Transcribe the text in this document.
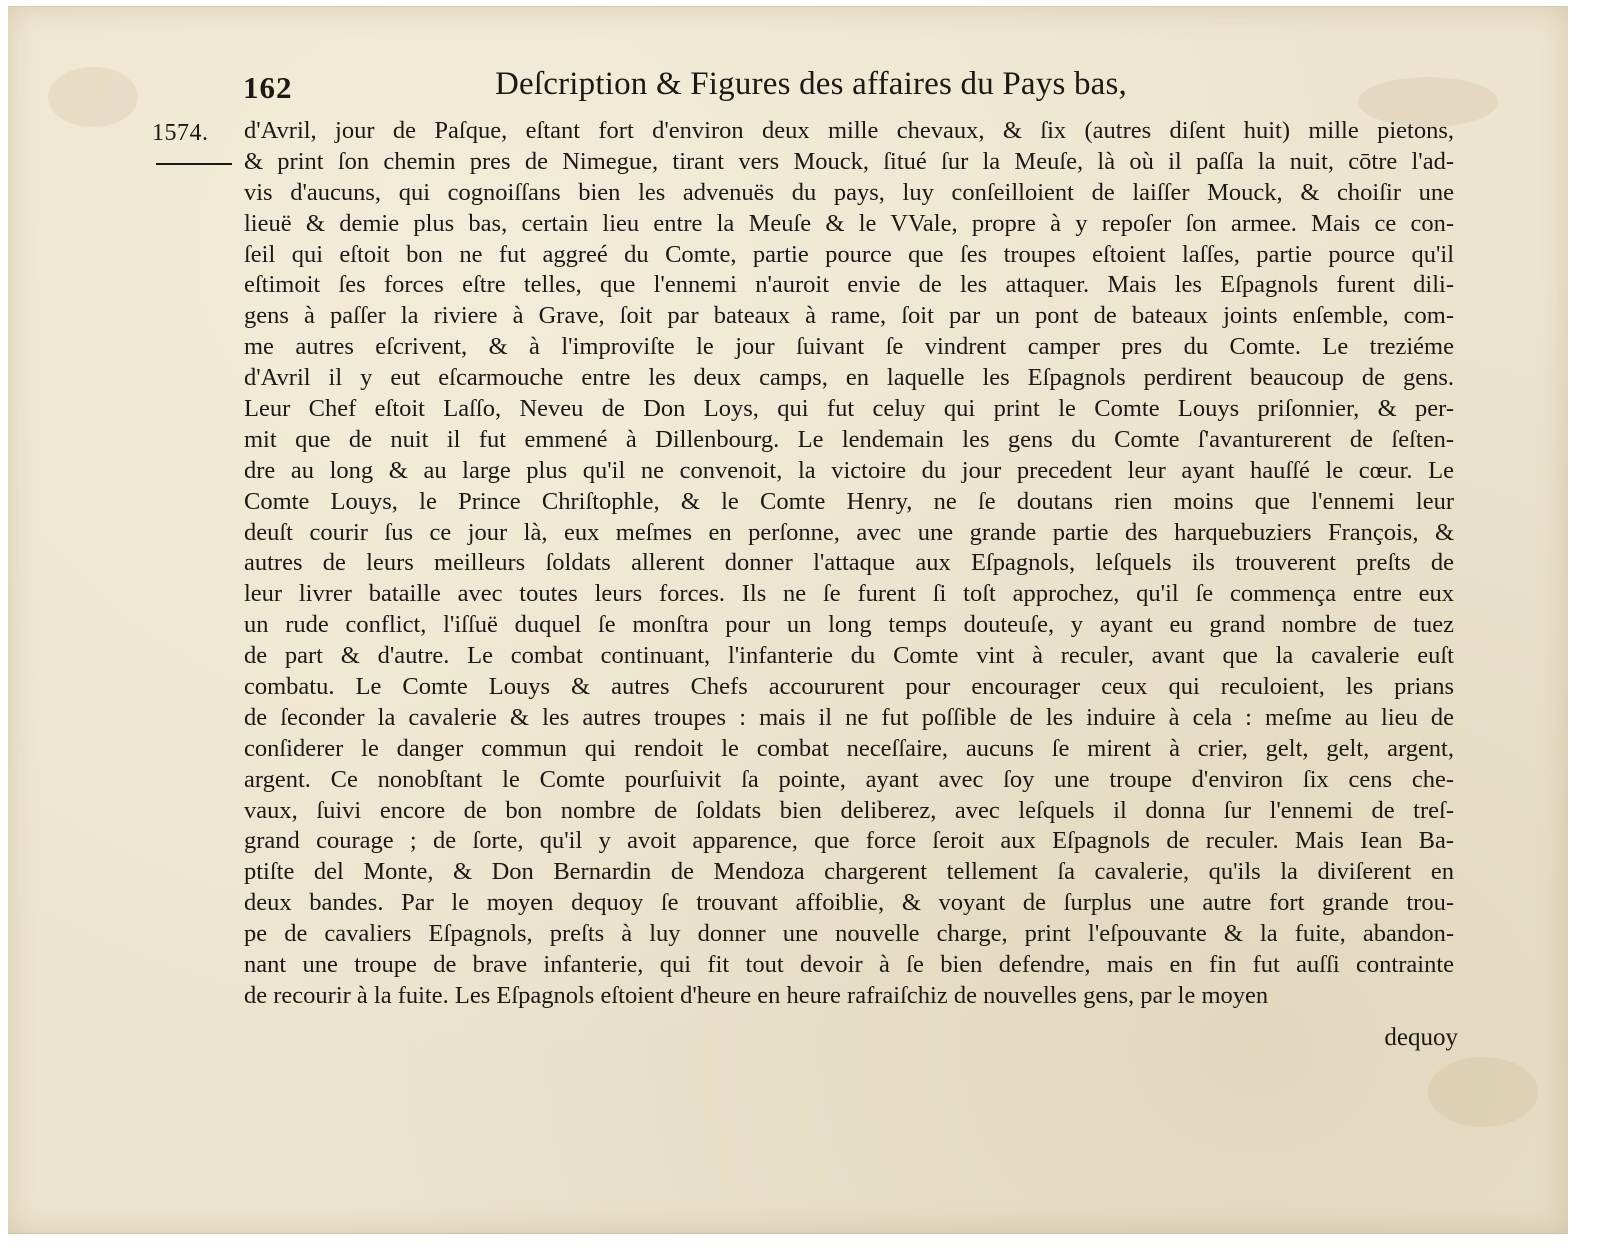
162	Deſcription & Figures des affaires du Pays bas,
1574. d'Avril, jour de Paſque, eſtant fort d'environ deux mille chevaux, & ſix (autres diſent huit) mille pietons,
& print ſon chemin pres de Nimegue, tirant vers Mouck, ſitué ſur la Meuſe, là où il paſſa la nuit, cōtre l'ad-
vis d'aucuns, qui cognoiſſans bien les advenuës du pays, luy conſeilloient de laiſſer Mouck, & choiſir une
lieuë & demie plus bas, certain lieu entre la Meuſe & le VVale, propre à y repoſer ſon armee. Mais ce con-
ſeil qui eſtoit bon ne fut aggreé du Comte, partie pource que ſes troupes eſtoient laſſes, partie pource qu'il
eſtimoit ſes forces eſtre telles, que l'ennemi n'auroit envie de les attaquer. Mais les Eſpagnols furent dili-
gens à paſſer la riviere à Grave, ſoit par bateaux à rame, ſoit par un pont de bateaux joints enſemble, com-
me autres eſcrivent, & à l'improviſte le jour ſuivant ſe vindrent camper pres du Comte. Le treziéme
d'Avril il y eut eſcarmouche entre les deux camps, en laquelle les Eſpagnols perdirent beaucoup de gens.
Leur Chef eſtoit Laſſo, Neveu de Don Loys, qui fut celuy qui print le Comte Louys priſonnier, & per-
mit que de nuit il fut emmené à Dillenbourg. Le lendemain les gens du Comte ſ'avanturerent de ſeſten-
dre au long & au large plus qu'il ne convenoit, la victoire du jour precedent leur ayant hauſſé le cœur. Le
Comte Louys, le Prince Chriſtophle, & le Comte Henry, ne ſe doutans rien moins que l'ennemi leur
deuſt courir ſus ce jour là, eux meſmes en perſonne, avec une grande partie des harquebuziers François, &
autres de leurs meilleurs ſoldats allerent donner l'attaque aux Eſpagnols, leſquels ils trouverent preſts de
leur livrer bataille avec toutes leurs forces. Ils ne ſe furent ſi toſt approchez, qu'il ſe commença entre eux
un rude conflict, l'iſſuë duquel ſe monſtra pour un long temps douteuſe, y ayant eu grand nombre de tuez
de part & d'autre. Le combat continuant, l'infanterie du Comte vint à reculer, avant que la cavalerie euſt
combatu. Le Comte Louys & autres Chefs accoururent pour encourager ceux qui reculoient, les prians
de ſeconder la cavalerie & les autres troupes : mais il ne fut poſſible de les induire à cela : meſme au lieu de
conſiderer le danger commun qui rendoit le combat neceſſaire, aucuns ſe mirent à crier, gelt, gelt, argent,
argent. Ce nonobſtant le Comte pourſuivit ſa pointe, ayant avec ſoy une troupe d'environ ſix cens che-
vaux, ſuivi encore de bon nombre de ſoldats bien deliberez, avec leſquels il donna ſur l'ennemi de treſ-
grand courage ; de ſorte, qu'il y avoit apparence, que force ſeroit aux Eſpagnols de reculer. Mais Iean Ba-
ptiſte del Monte, & Don Bernardin de Mendoza chargerent tellement ſa cavalerie, qu'ils la diviſerent en
deux bandes. Par le moyen dequoy ſe trouvant affoiblie, & voyant de ſurplus une autre fort grande trou-
pe de cavaliers Eſpagnols, preſts à luy donner une nouvelle charge, print l'eſpouvante & la fuite, abandon-
nant une troupe de brave infanterie, qui fit tout devoir à ſe bien defendre, mais en fin fut auſſi contrainte
de recourir à la fuite. Les Eſpagnols eſtoient d'heure en heure rafraiſchiz de nouvelles gens, par le moyen
dequoy
